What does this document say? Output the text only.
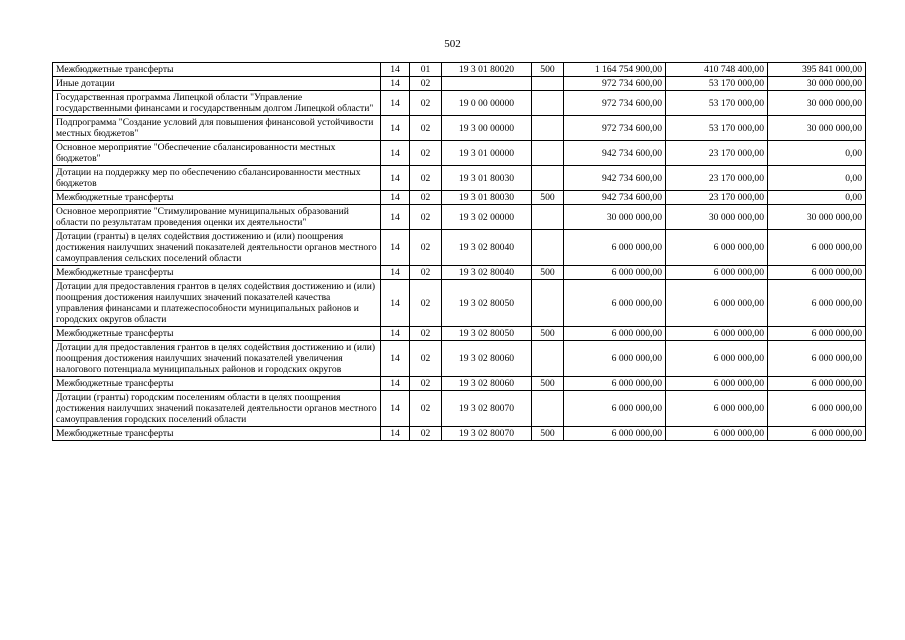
502
Межбюджетные трансферты	14	01	19 3 01 80020	500	1 164 754 900,00	410 748 400,00	395 841 000,00
Иные дотации	14	02			972 734 600,00	53 170 000,00	30 000 000,00
Государственная программа Липецкой области "Управление государственными финансами и государственным долгом Липецкой области"	14	02	19 0 00 00000		972 734 600,00	53 170 000,00	30 000 000,00
Подпрограмма "Создание условий для повышения финансовой устойчивости местных бюджетов"	14	02	19 3 00 00000		972 734 600,00	53 170 000,00	30 000 000,00
Основное мероприятие "Обеспечение сбалансированности местных бюджетов"	14	02	19 3 01 00000		942 734 600,00	23 170 000,00	0,00
Дотации на поддержку мер по обеспечению сбалансированности местных бюджетов	14	02	19 3 01 80030		942 734 600,00	23 170 000,00	0,00
Межбюджетные трансферты	14	02	19 3 01 80030	500	942 734 600,00	23 170 000,00	0,00
Основное мероприятие "Стимулирование муниципальных образований области по результатам проведения оценки их деятельности"	14	02	19 3 02 00000		30 000 000,00	30 000 000,00	30 000 000,00
Дотации (гранты) в целях содействия достижению и (или) поощрения достижения наилучших значений показателей деятельности органов местного самоуправления сельских поселений области	14	02	19 3 02 80040		6 000 000,00	6 000 000,00	6 000 000,00
Межбюджетные трансферты	14	02	19 3 02 80040	500	6 000 000,00	6 000 000,00	6 000 000,00
Дотации для предоставления грантов в целях содействия достижению и (или) поощрения достижения наилучших значений показателей качества управления финансами и платежеспособности муниципальных районов и городских округов области	14	02	19 3 02 80050		6 000 000,00	6 000 000,00	6 000 000,00
Межбюджетные трансферты	14	02	19 3 02 80050	500	6 000 000,00	6 000 000,00	6 000 000,00
Дотации для предоставления грантов в целях содействия достижению и (или) поощрения достижения наилучших значений показателей увеличения налогового потенциала муниципальных районов и городских округов	14	02	19 3 02 80060		6 000 000,00	6 000 000,00	6 000 000,00
Межбюджетные трансферты	14	02	19 3 02 80060	500	6 000 000,00	6 000 000,00	6 000 000,00
Дотации (гранты) городским поселениям области в целях поощрения достижения наилучших значений показателей деятельности органов местного самоуправления городских поселений области	14	02	19 3 02 80070		6 000 000,00	6 000 000,00	6 000 000,00
Межбюджетные трансферты	14	02	19 3 02 80070	500	6 000 000,00	6 000 000,00	6 000 000,00
